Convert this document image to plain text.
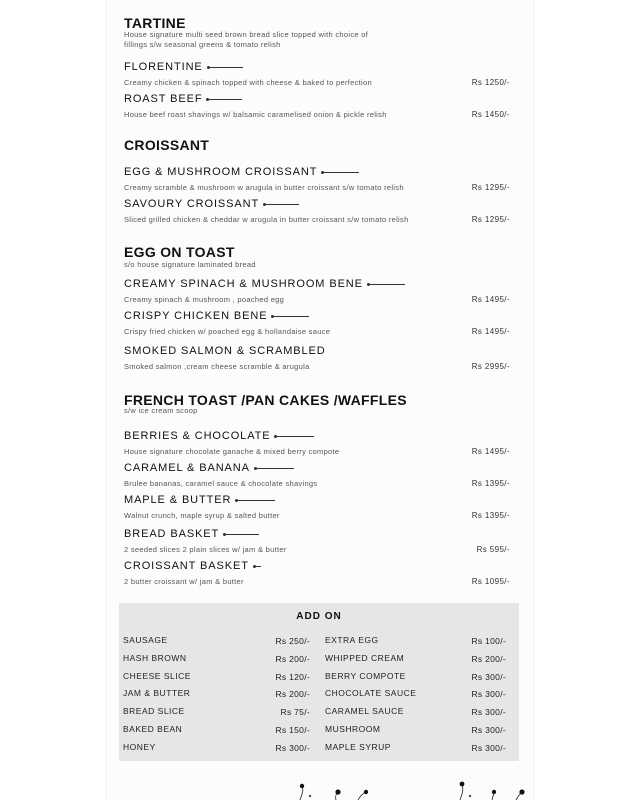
TARTINE
House signature multi seed brown bread slice topped with choice of fillings s/w seasonal greens & tomato relish
FLORENTINE
Creamy chicken & spinach topped with cheese & baked to perfection	Rs 1250/-
ROAST BEEF
House beef roast shavings w/ balsamic caramelised onion & pickle relish	Rs 1450/-
CROISSANT
EGG & MUSHROOM CROISSANT
Creamy scramble & mushroom w arugula in butter croissant s/w tomato relish	Rs 1295/-
SAVOURY CROISSANT
Sliced grilled chicken & cheddar w arugula in butter croissant s/w tomato relish	Rs 1295/-
EGG ON TOAST
s/o house signature laminated bread
CREAMY SPINACH & MUSHROOM BENE
Creamy spinach & mushroom , poached egg	Rs 1495/-
CRISPY CHICKEN BENE
Crispy fried chicken w/ poached egg & hollandaise sauce	Rs 1495/-
SMOKED SALMON & SCRAMBLED
Smoked salmon ,cream cheese scramble & arugula	Rs 2995/-
FRENCH TOAST /PAN CAKES /WAFFLES
s/w ice cream scoop
BERRIES & CHOCOLATE
House signature chocolate ganache & mixed berry compote	Rs 1495/-
CARAMEL & BANANA
Brulee bananas, caramel sauce & chocolate shavings	Rs 1395/-
MAPLE & BUTTER
Walnut crunch, maple syrup & salted butter	Rs 1395/-
BREAD BASKET
2 seeded slices 2 plain slices w/ jam & butter	Rs 595/-
CROISSANT BASKET
2 butter croissant w/ jam & butter	Rs 1095/-
ADD ON
SAUSAGE	Rs 250/-
HASH BROWN	Rs 200/-
CHEESE SLICE	Rs 120/-
JAM & BUTTER	Rs 200/-
BREAD SLICE	Rs 75/-
BAKED BEAN	Rs 150/-
HONEY	Rs 300/-
EXTRA EGG	Rs 100/-
WHIPPED CREAM	Rs 200/-
BERRY COMPOTE	Rs 300/-
CHOCOLATE SAUCE	Rs 300/-
CARAMEL SAUCE	Rs 300/-
MUSHROOM	Rs 300/-
MAPLE SYRUP	Rs 300/-
